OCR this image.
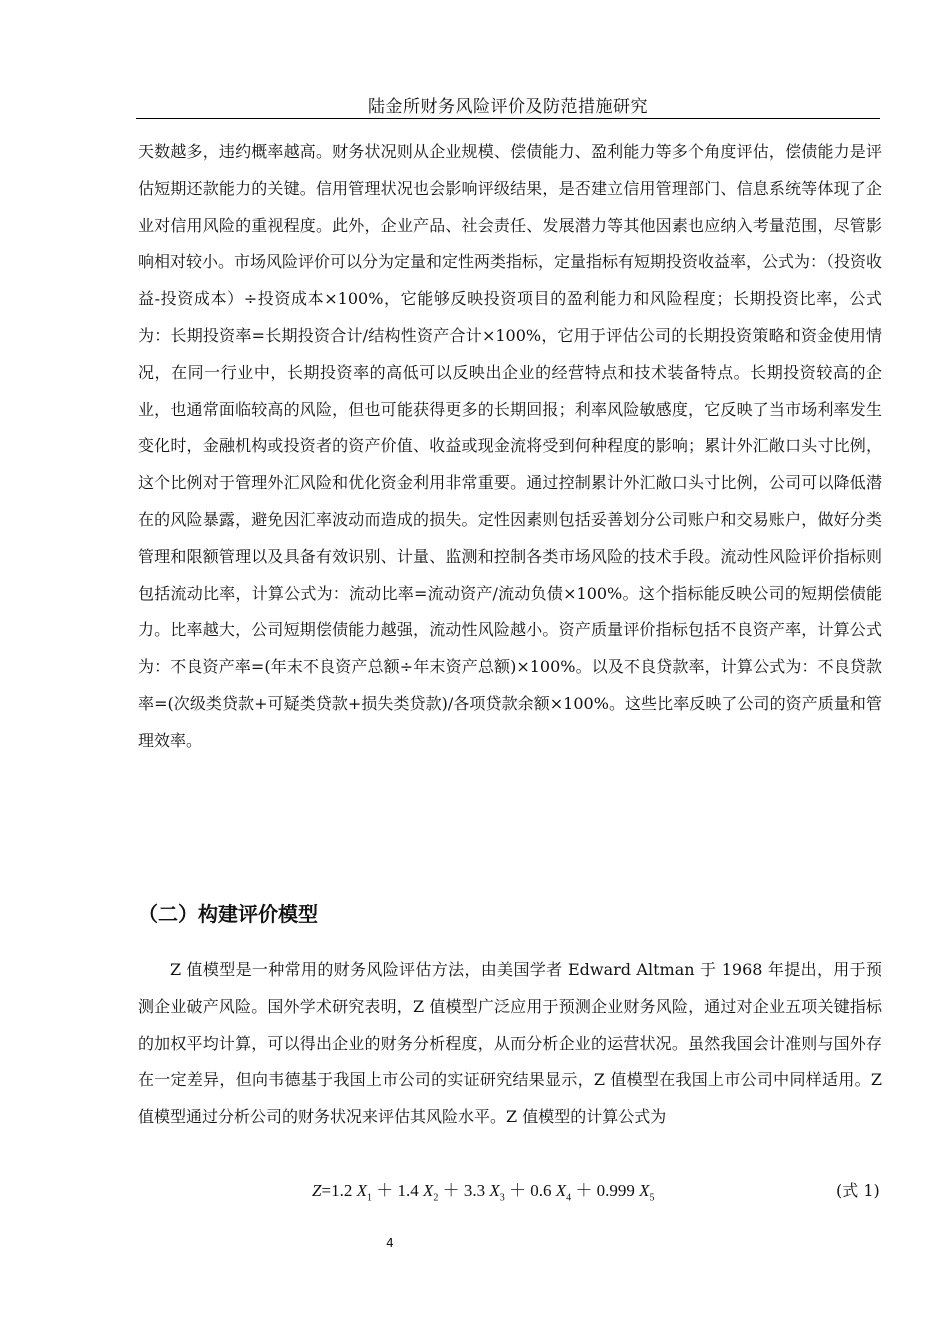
陆金所财务风险评价及防范措施研究

天数越多，违约概率越高。财务状况则从企业规模、偿债能力、盈利能力等多个角度评估，偿债能力是评估短期还款能力的关键。信用管理状况也会影响评级结果，是否建立信用管理部门、信息系统等体现了企业对信用风险的重视程度。此外，企业产品、社会责任、发展潜力等其他因素也应纳入考量范围，尽管影响相对较小。市场风险评价可以分为定量和定性两类指标，定量指标有短期投资收益率，公式为：（投资收益-投资成本）÷投资成本×100%，它能够反映投资项目的盈利能力和风险程度；长期投资比率，公式为：长期投资率=长期投资合计/结构性资产合计×100%，它用于评估公司的长期投资策略和资金使用情况，在同一行业中，长期投资率的高低可以反映出企业的经营特点和技术装备特点。长期投资较高的企业，也通常面临较高的风险，但也可能获得更多的长期回报；利率风险敏感度，它反映了当市场利率发生变化时，金融机构或投资者的资产价值、收益或现金流将受到何种程度的影响；累计外汇敞口头寸比例，这个比例对于管理外汇风险和优化资金利用非常重要。通过控制累计外汇敞口头寸比例，公司可以降低潜在的风险暴露，避免因汇率波动而造成的损失。定性因素则包括妥善划分公司账户和交易账户，做好分类管理和限额管理以及具备有效识别、计量、监测和控制各类市场风险的技术手段。流动性风险评价指标则包括流动比率，计算公式为：流动比率=流动资产/流动负债×100%。这个指标能反映公司的短期偿债能力。比率越大，公司短期偿债能力越强，流动性风险越小。资产质量评价指标包括不良资产率，计算公式为：不良资产率=(年末不良资产总额÷年末资产总额)×100%。以及不良贷款率，计算公式为：不良贷款率=(次级类贷款+可疑类贷款+损失类贷款)/各项贷款余额×100%。这些比率反映了公司的资产质量和管理效率。

（二）构建评价模型

Z 值模型是一种常用的财务风险评估方法，由美国学者 Edward Altman 于 1968 年提出，用于预测企业破产风险。国外学术研究表明，Z 值模型广泛应用于预测企业财务风险，通过对企业五项关键指标的加权平均计算，可以得出企业的财务分析程度，从而分析企业的运营状况。虽然我国会计准则与国外存在一定差异，但向韦德基于我国上市公司的实证研究结果显示，Z 值模型在我国上市公司中同样适用。Z 值模型通过分析公司的财务状况来评估其风险水平。Z 值模型的计算公式为

Z=1.2 $X_1 + 1.4$ $X_2 + 3.3$ $X_3 + 0.6$ $X_4 + 0.999$ $X_5$	(式 1)
4
